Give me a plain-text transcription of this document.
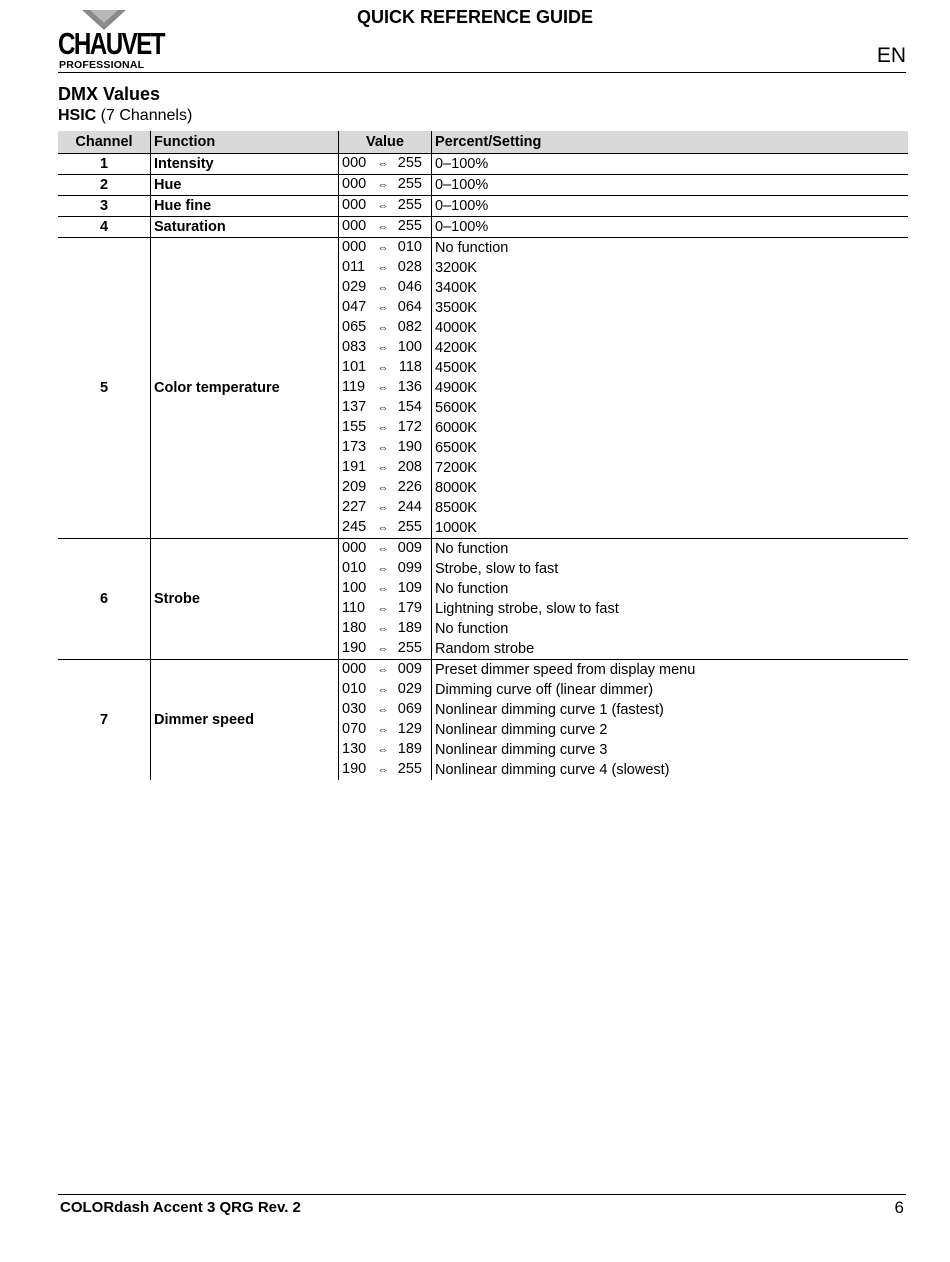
CHAUVET
PROFESSIONAL
QUICK REFERENCE GUIDE
EN
DMX Values
HSIC (7 Channels)
Channel	Function	Value	Percent/Setting
1	Intensity	000 ⇔ 255	0–100%
2	Hue	000 ⇔ 255	0–100%
3	Hue fine	000 ⇔ 255	0–100%
4	Saturation	000 ⇔ 255	0–100%
5	Color temperature	000 ⇔ 010	No function
		011 ⇔ 028	3200K
		029 ⇔ 046	3400K
		047 ⇔ 064	3500K
		065 ⇔ 082	4000K
		083 ⇔ 100	4200K
		101 ⇔ 118	4500K
		119 ⇔ 136	4900K
		137 ⇔ 154	5600K
		155 ⇔ 172	6000K
		173 ⇔ 190	6500K
		191 ⇔ 208	7200K
		209 ⇔ 226	8000K
		227 ⇔ 244	8500K
		245 ⇔ 255	1000K
6	Strobe	000 ⇔ 009	No function
		010 ⇔ 099	Strobe, slow to fast
		100 ⇔ 109	No function
		110 ⇔ 179	Lightning strobe, slow to fast
		180 ⇔ 189	No function
		190 ⇔ 255	Random strobe
7	Dimmer speed	000 ⇔ 009	Preset dimmer speed from display menu
		010 ⇔ 029	Dimming curve off (linear dimmer)
		030 ⇔ 069	Nonlinear dimming curve 1 (fastest)
		070 ⇔ 129	Nonlinear dimming curve 2
		130 ⇔ 189	Nonlinear dimming curve 3
		190 ⇔ 255	Nonlinear dimming curve 4 (slowest)
COLORdash Accent 3 QRG Rev. 2	6
